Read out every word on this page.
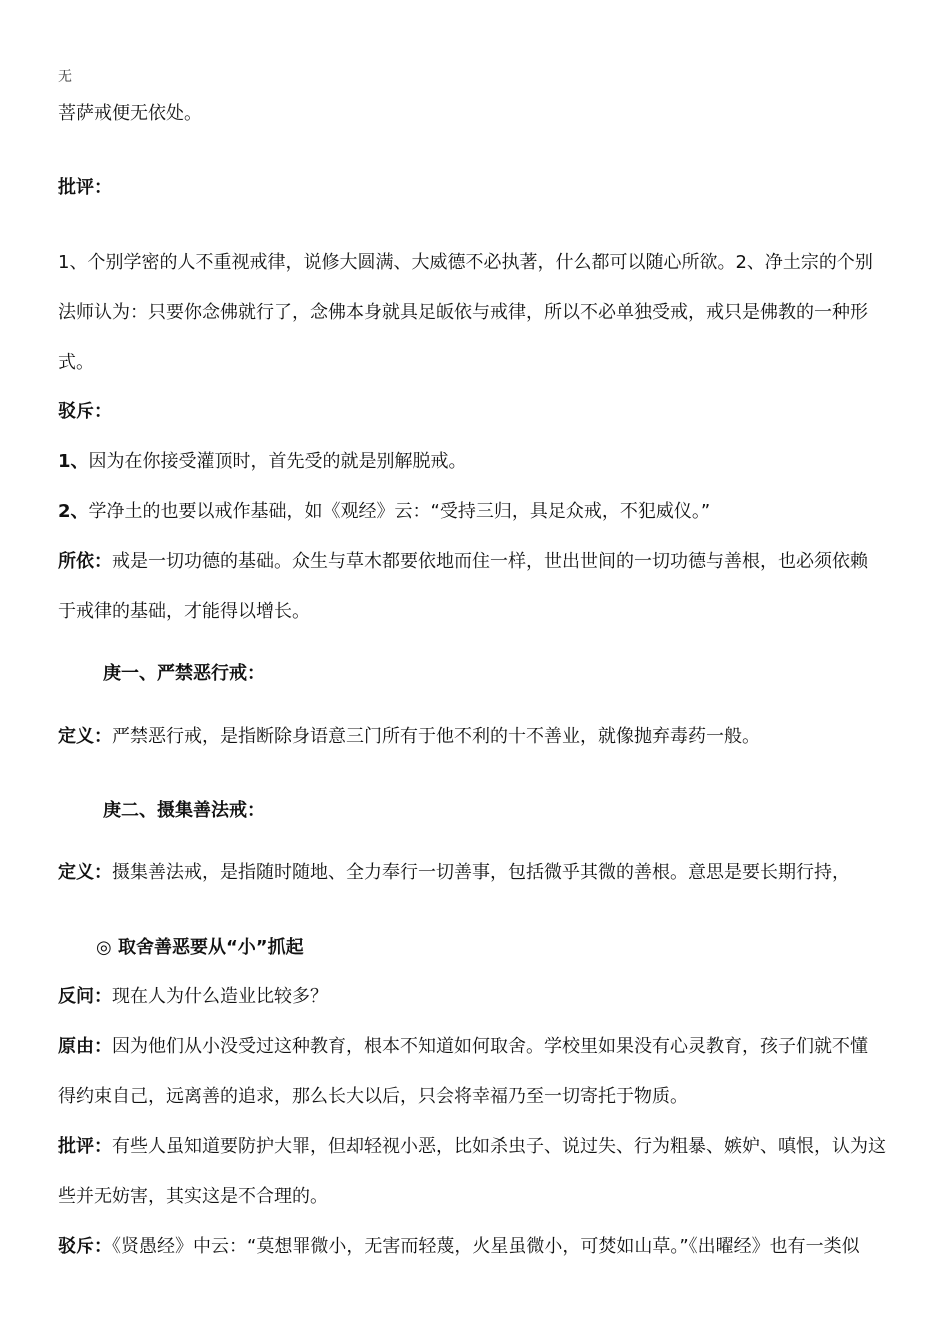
无
菩萨戒便无依处。
批评：
1、个别学密的人不重视戒律，说修大圆满、大威德不必执著，什么都可以随心所欲。2、净土宗的个别
法师认为：只要你念佛就行了，念佛本身就具足皈依与戒律，所以不必单独受戒，戒只是佛教的一种形
式。
驳斥：
1、因为在你接受灌顶时，首先受的就是别解脱戒。
2、学净土的也要以戒作基础，如《观经》云：“受持三归，具足众戒，不犯威仪。”
所依：戒是一切功德的基础。众生与草木都要依地而住一样，世出世间的一切功德与善根，也必须依赖
于戒律的基础，才能得以增长。
庚一、严禁恶行戒：
定义：严禁恶行戒，是指断除身语意三门所有于他不利的十不善业，就像抛弃毒药一般。
庚二、摄集善法戒：
定义：摄集善法戒，是指随时随地、全力奉行一切善事，包括微乎其微的善根。意思是要长期行持，
◎ 取舍善恶要从“小”抓起
反问：现在人为什么造业比较多？
原由：因为他们从小没受过这种教育，根本不知道如何取舍。学校里如果没有心灵教育，孩子们就不懂
得约束自己，远离善的追求，那么长大以后，只会将幸福乃至一切寄托于物质。
批评：有些人虽知道要防护大罪，但却轻视小恶，比如杀虫子、说过失、行为粗暴、嫉妒、嗔恨，认为这
些并无妨害，其实这是不合理的。
驳斥：《贤愚经》中云：“莫想罪微小，无害而轻蔑，火星虽微小，可焚如山草。”《出曜经》也有一类似
